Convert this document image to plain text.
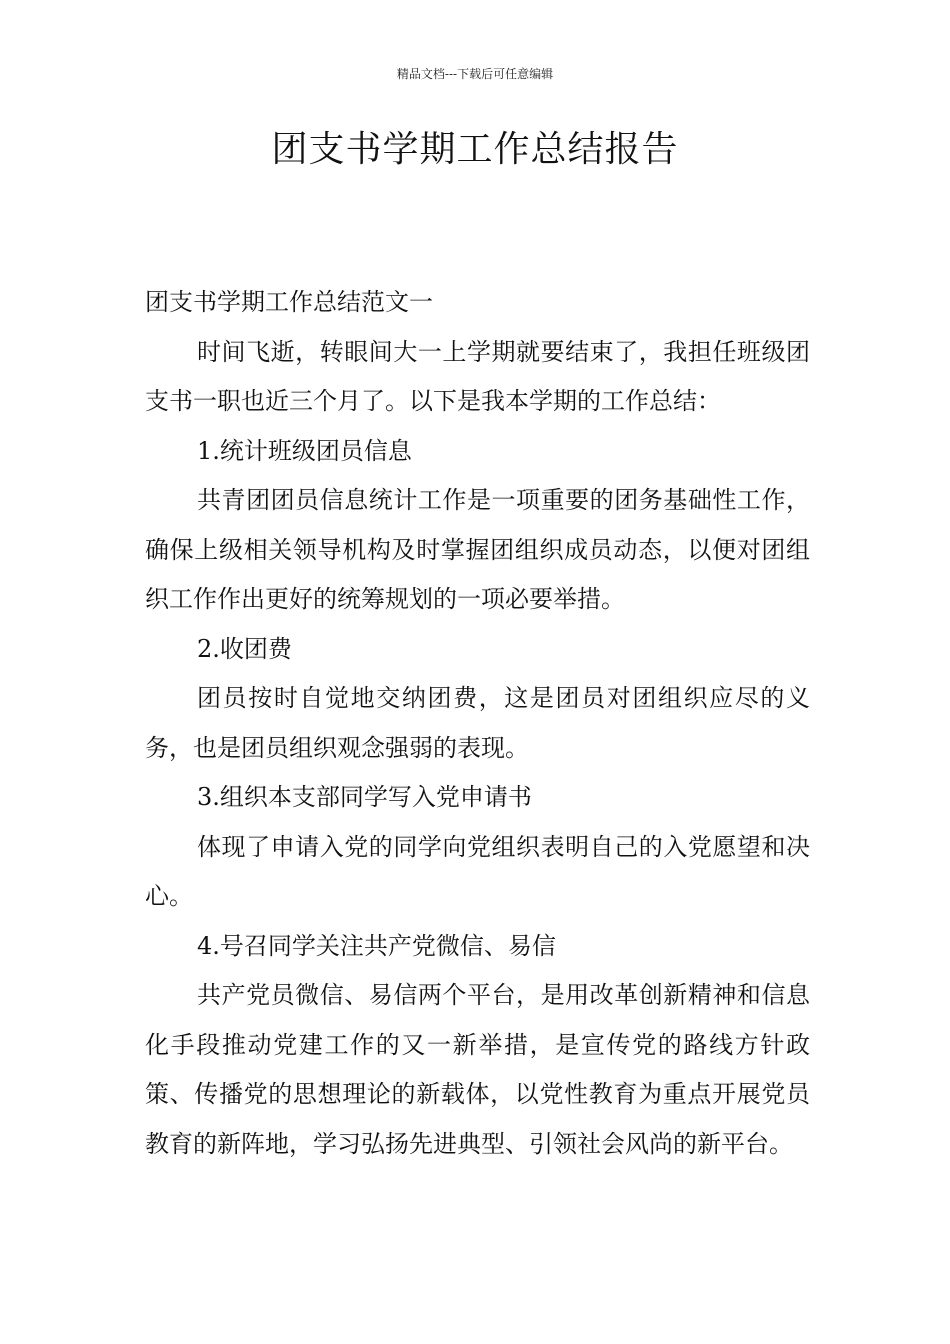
精品文档---下载后可任意编辑
团支书学期工作总结报告

团支书学期工作总结范文一

时间飞逝，转眼间大一上学期就要结束了，我担任班级团支书一职也近三个月了。以下是我本学期的工作总结：

1.统计班级团员信息

共青团团员信息统计工作是一项重要的团务基础性工作，确保上级相关领导机构及时掌握团组织成员动态，以便对团组织工作作出更好的统筹规划的一项必要举措。

2.收团费

团员按时自觉地交纳团费，这是团员对团组织应尽的义务，也是团员组织观念强弱的表现。

3.组织本支部同学写入党申请书

体现了申请入党的同学向党组织表明自己的入党愿望和决心。

4.号召同学关注共产党微信、易信

共产党员微信、易信两个平台，是用改革创新精神和信息化手段推动党建工作的又一新举措，是宣传党的路线方针政策、传播党的思想理论的新载体，以党性教育为重点开展党员教育的新阵地，学习弘扬先进典型、引领社会风尚的新平台。
